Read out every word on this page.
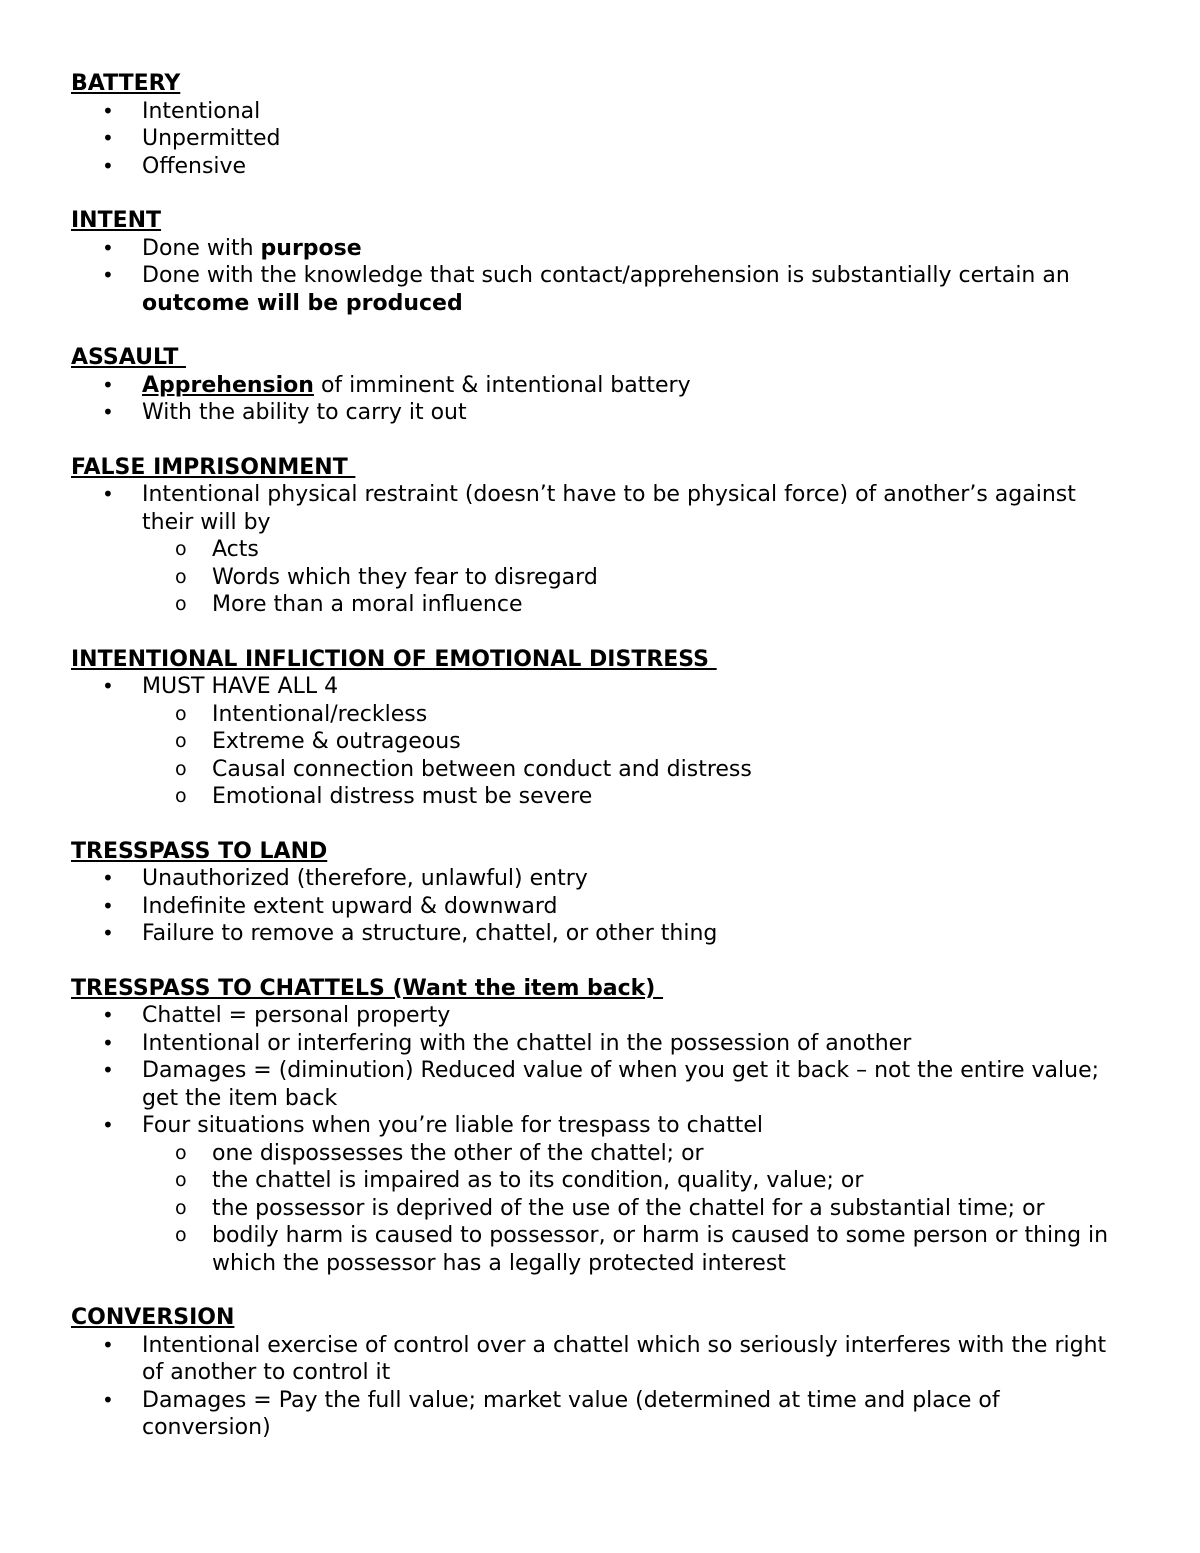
BATTERY
•	Intentional
•	Unpermitted
•	Offensive
INTENT
•	Done with purpose
•	Done with the knowledge that such contact/apprehension is substantially certain an outcome will be produced
ASSAULT
•	Apprehension of imminent & intentional battery
•	With the ability to carry it out
FALSE IMPRISONMENT
•	Intentional physical restraint (doesn’t have to be physical force) of another’s against their will by
o	Acts
o	Words which they fear to disregard
o	More than a moral influence
INTENTIONAL INFLICTION OF EMOTIONAL DISTRESS
•	MUST HAVE ALL 4
o	Intentional/reckless
o	Extreme & outrageous
o	Causal connection between conduct and distress
o	Emotional distress must be severe
TRESSPASS TO LAND
•	Unauthorized (therefore, unlawful) entry
•	Indefinite extent upward & downward
•	Failure to remove a structure, chattel, or other thing
TRESSPASS TO CHATTELS (Want the item back)
•	Chattel = personal property
•	Intentional or interfering with the chattel in the possession of another
•	Damages = (diminution) Reduced value of when you get it back – not the entire value; get the item back
•	Four situations when you’re liable for trespass to chattel
o	one dispossesses the other of the chattel; or
o	the chattel is impaired as to its condition, quality, value; or
o	the possessor is deprived of the use of the chattel for a substantial time; or
o	bodily harm is caused to possessor, or harm is caused to some person or thing in which the possessor has a legally protected interest
CONVERSION
•	Intentional exercise of control over a chattel which so seriously interferes with the right of another to control it
•	Damages = Pay the full value; market value (determined at time and place of conversion)
